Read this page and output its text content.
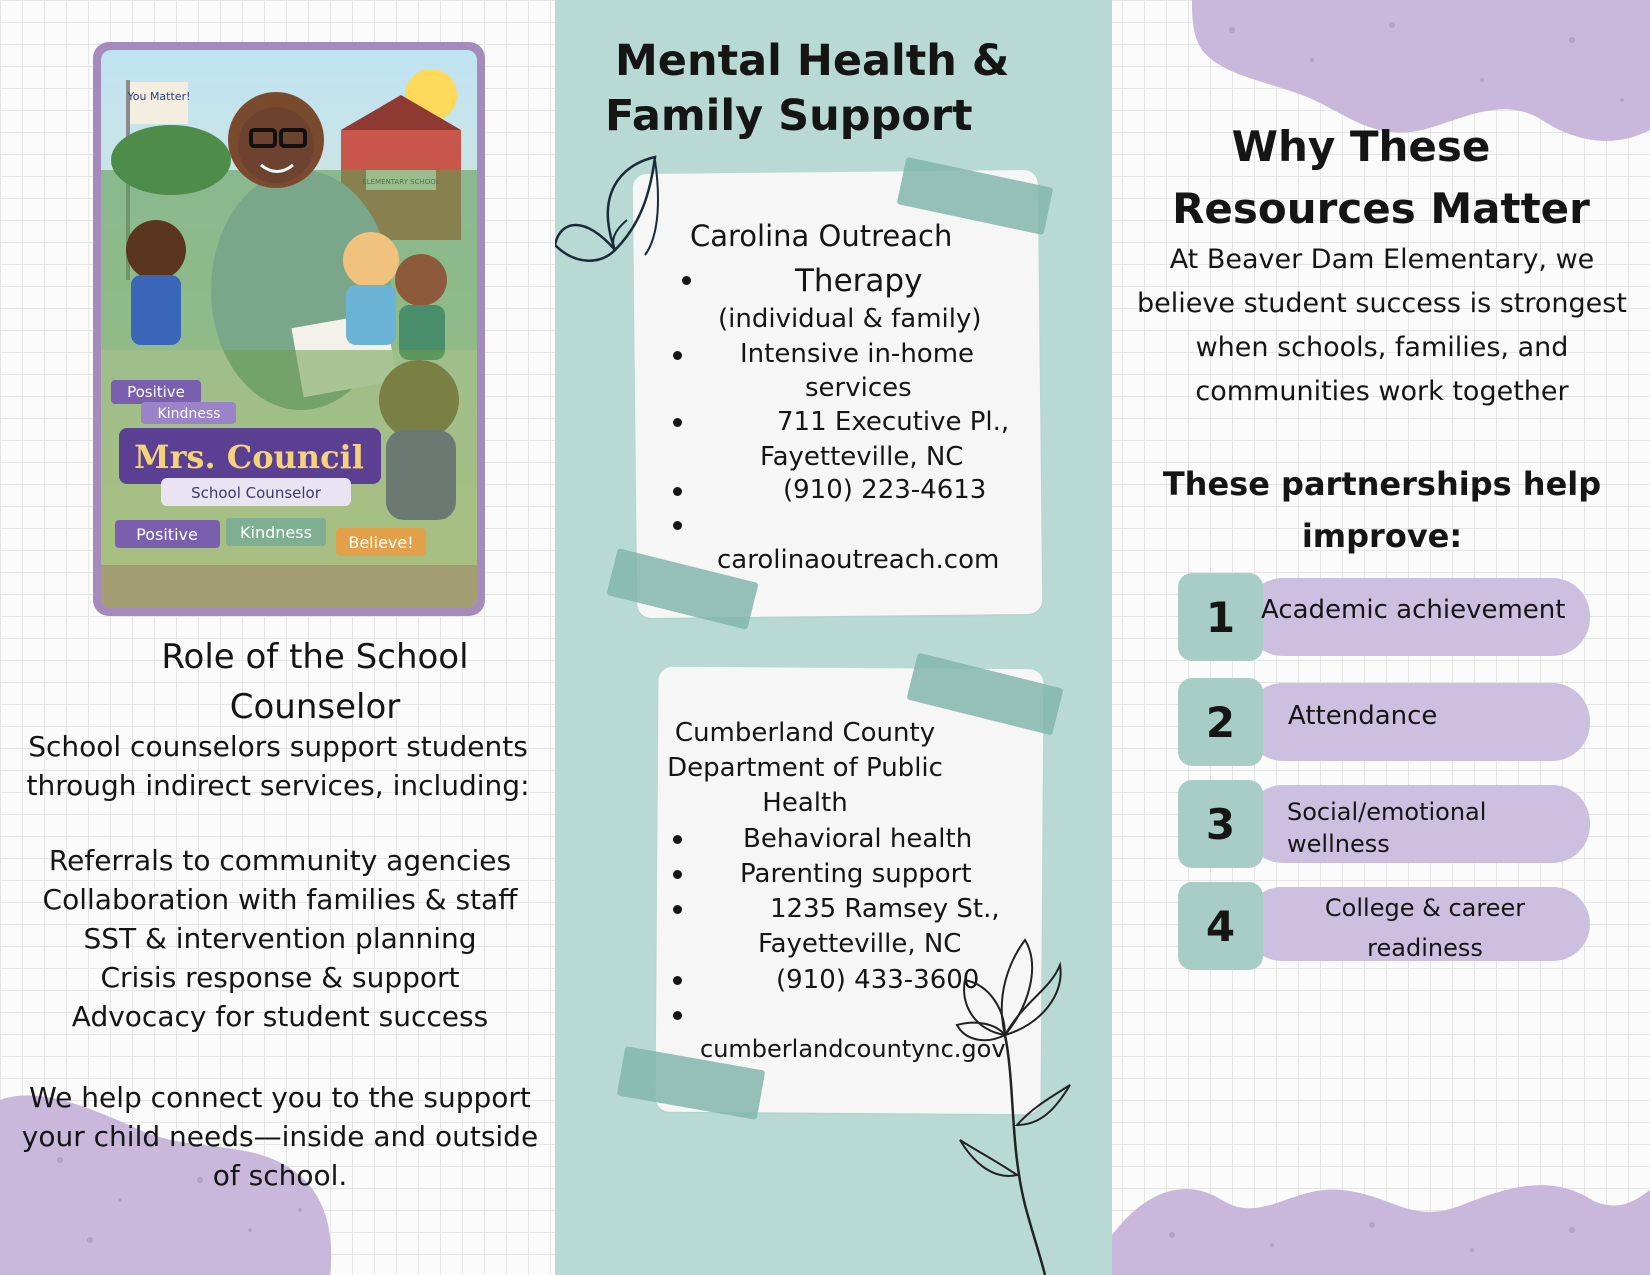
You Matter!
Positive
Kindness
Mrs. Council
School Counselor
Positive	Kindness
Believe!
Role of the School Counselor
School counselors support students through indirect services, including:
Referrals to community agencies
Collaboration with families & staff
SST & intervention planning
Crisis response & support
Advocacy for student success
We help connect you to the support your child needs—inside and outside of school.
Mental Health &
Family Support
Carolina Outreach
Therapy
(individual & family)
Intensive in-home
services
711 Executive Pl.,
Fayetteville, NC
(910) 223-4613
carolinaoutreach.com
Cumberland County
Department of Public
Health
Behavioral health
Parenting support
1235 Ramsey St.,
Fayetteville, NC
(910) 433-3600
cumberlandcountync.gov
Why These
Resources Matter
At Beaver Dam Elementary, we believe student success is strongest when schools, families, and communities work together
These partnerships help improve:
1 Academic achievement
2	Attendance
3	Social/emotional wellness
4	College & career readiness
